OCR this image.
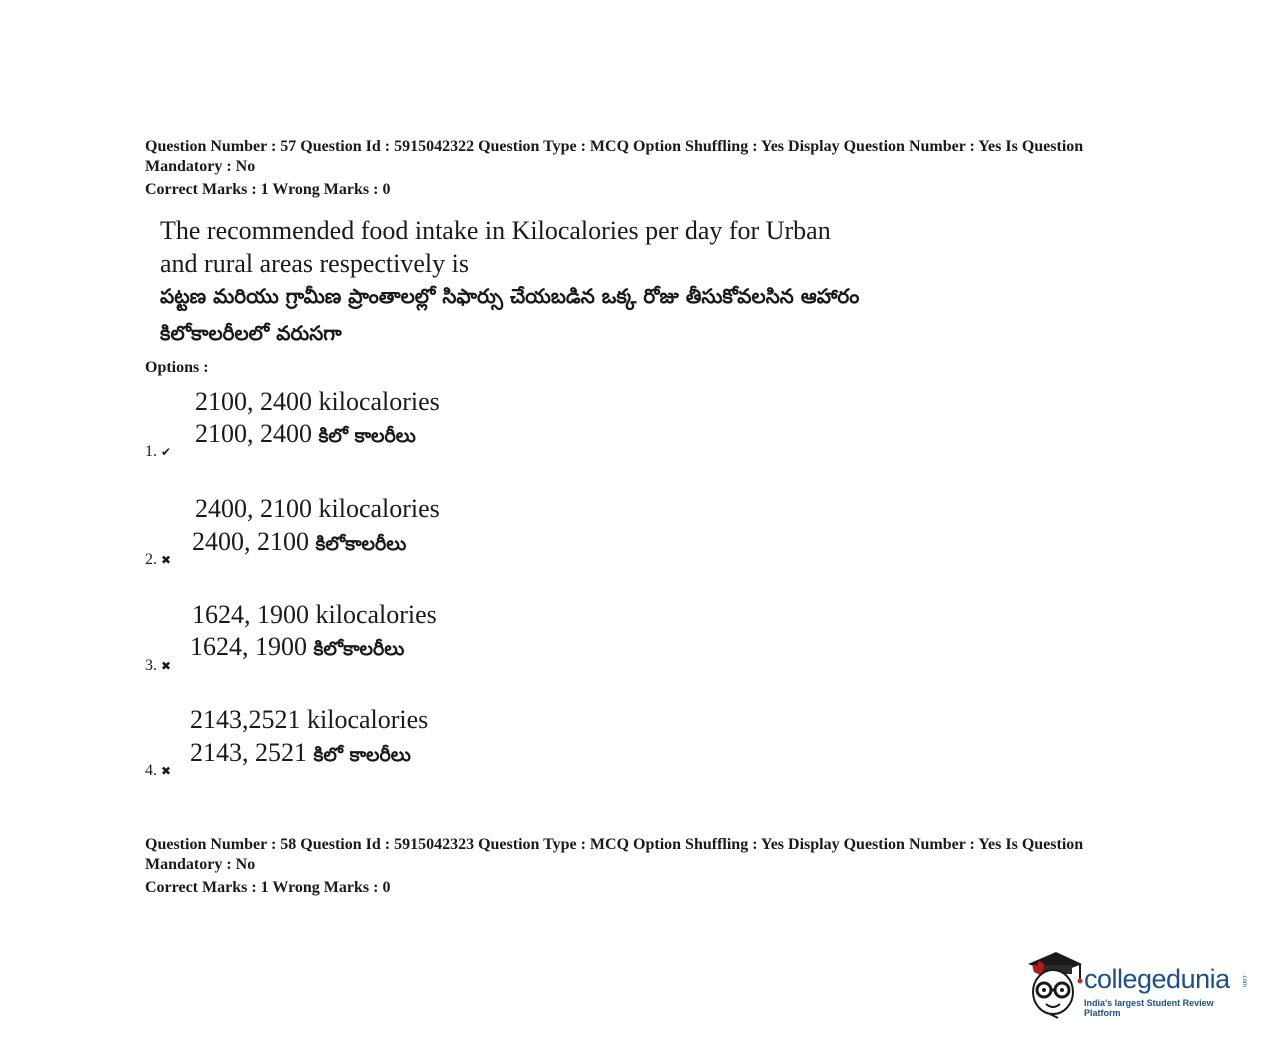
Question Number : 57 Question Id : 5915042322 Question Type : MCQ Option Shuffling : Yes Display Question Number : Yes Is Question Mandatory : No
Correct Marks : 1 Wrong Marks : 0
The recommended food intake in Kilocalories per day for Urban
and rural areas respectively is
పట్టణ మరియు గ్రామీణ ప్రాంతాలల్లో సిఫార్సు చేయబడిన ఒక్క రోజు తీసుకోవలసిన ఆహారం
కిలోకాలరీలలో వరుసగా
Options :
2100, 2400 kilocalories
2100, 2400 కిలో కాలరీలు
1. ✔
2400, 2100 kilocalories
2400, 2100 కిలోకాలరీలు
2. ✖
1624, 1900 kilocalories
1624, 1900 కిలోకాలరీలు
3. ✖
2143,2521 kilocalories
2143, 2521 కిలో కాలరీలు
4. ✖
Question Number : 58 Question Id : 5915042323 Question Type : MCQ Option Shuffling : Yes Display Question Number : Yes Is Question Mandatory : No
Correct Marks : 1 Wrong Marks : 0
collegedunia .com
India's largest Student Review Platform
